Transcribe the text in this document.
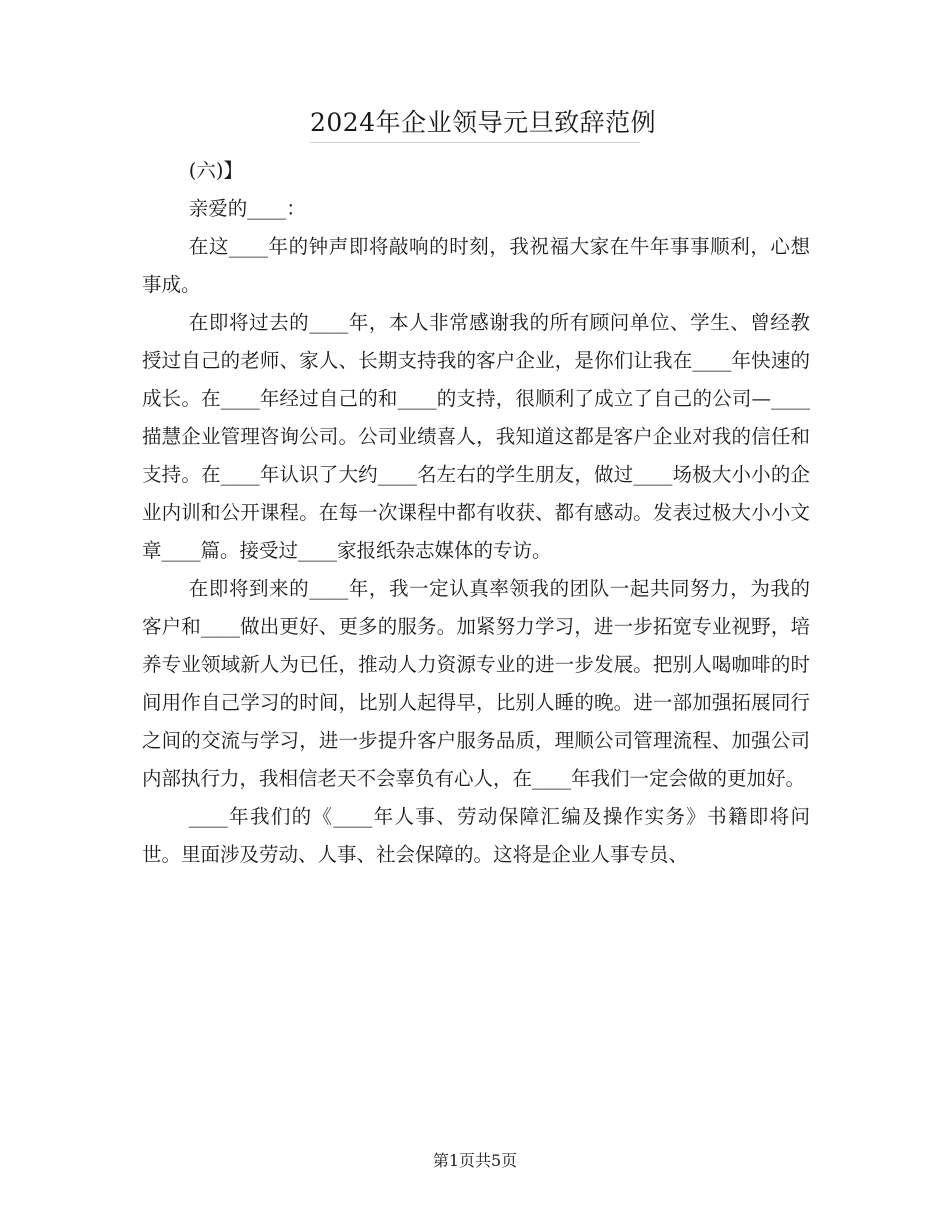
2024年企业领导元旦致辞范例

(六)】

亲爱的____：

在这____年的钟声即将敲响的时刻，我祝福大家在牛年事事顺利，心想事成。

在即将过去的____年，本人非常感谢我的所有顾问单位、学生、曾经教授过自己的老师、家人、长期支持我的客户企业，是你们让我在____年快速的成长。在____年经过自己的和____的支持，很顺利了成立了自己的公司—____描慧企业管理咨询公司。公司业绩喜人，我知道这都是客户企业对我的信任和支持。在____年认识了大约____名左右的学生朋友，做过____场极大小小的企业内训和公开课程。在每一次课程中都有收获、都有感动。发表过极大小小文章____篇。接受过____家报纸杂志媒体的专访。

在即将到来的____年，我一定认真率领我的团队一起共同努力，为我的客户和____做出更好、更多的服务。加紧努力学习，进一步拓宽专业视野，培养专业领域新人为已任，推动人力资源专业的进一步发展。把别人喝咖啡的时间用作自己学习的时间，比别人起得早，比别人睡的晚。进一部加强拓展同行之间的交流与学习，进一步提升客户服务品质，理顺公司管理流程、加强公司内部执行力，我相信老天不会辜负有心人，在____年我们一定会做的更加好。

____年我们的《____年人事、劳动保障汇编及操作实务》书籍即将问世。里面涉及劳动、人事、社会保障的。这将是企业人事专员、

第1页共5页
